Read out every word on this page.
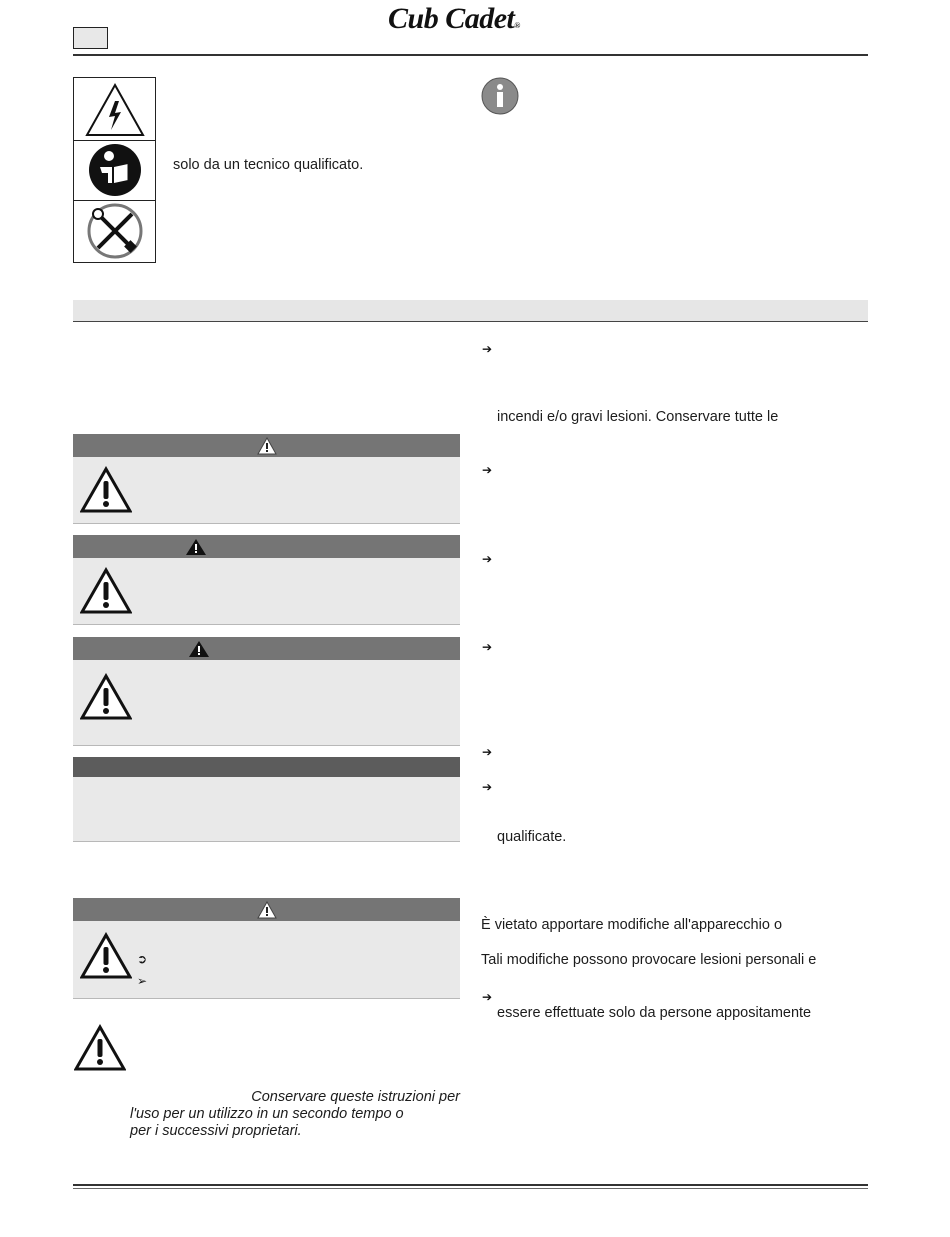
Cub Cadet®
solo da un tecnico qualificato.
➲
➢
Conservare queste istruzioni per
l'uso per un utilizzo in un secondo tempo o
per i successivi proprietari.
➔
incendi e/o gravi lesioni. Conservare tutte le
➔
➔
➔
➔
➔
qualificate.
È vietato apportare modifiche all'apparecchio o
Tali modifiche possono provocare lesioni personali e
➔
essere effettuate solo da persone appositamente
